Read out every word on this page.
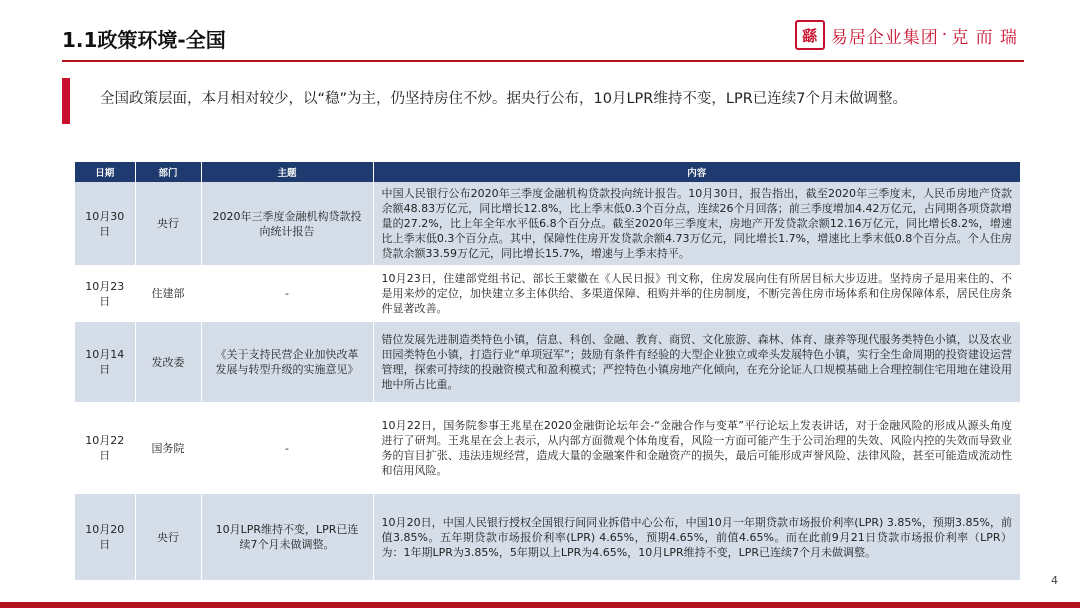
1.1政策环境-全国	繇 易居企业集团 · 克 而 瑞
全国政策层面，本月相对较少，以“稳”为主，仍坚持房住不炒。据央行公布，10月LPR维持不变，LPR已连续7个月未做调整。
日期	部门	主题	内容
10月30日	央行	2020年三季度金融机构贷款投向统计报告	中国人民银行公布2020年三季度金融机构贷款投向统计报告。10月30日，报告指出，截至2020年三季度末，人民币房地产贷款余额48.83万亿元，同比增长12.8%，比上季末低0.3个百分点，连续26个月回落；前三季度增加4.42万亿元，占同期各项贷款增量的27.2%，比上年全年水平低6.8个百分点。截至2020年三季度末，房地产开发贷款余额12.16万亿元，同比增长8.2%，增速比上季末低0.3个百分点。其中，保障性住房开发贷款余额4.73万亿元，同比增长1.7%，增速比上季末低0.8个百分点。个人住房贷款余额33.59万亿元，同比增长15.7%，增速与上季末持平。
10月23日	住建部	-	10月23日，住建部党组书记、部长王蒙徽在《人民日报》刊文称，住房发展向住有所居目标大步迈进。坚持房子是用来住的、不是用来炒的定位，加快建立多主体供给、多渠道保障、租购并举的住房制度，不断完善住房市场体系和住房保障体系，居民住房条件显著改善。
10月14日	发改委	《关于支持民营企业加快改革发展与转型升级的实施意见》	错位发展先进制造类特色小镇，信息、科创、金融、教育、商贸、文化旅游、森林、体育、康养等现代服务类特色小镇，以及农业田园类特色小镇，打造行业“单项冠军”；鼓励有条件有经验的大型企业独立或牵头发展特色小镇，实行全生命周期的投资建设运营管理，探索可持续的投融资模式和盈利模式；严控特色小镇房地产化倾向，在充分论证人口规模基础上合理控制住宅用地在建设用地中所占比重。
10月22日	国务院	-	10月22日，国务院参事王兆星在2020金融街论坛年会-“金融合作与变革”平行论坛上发表讲话，对于金融风险的形成从源头角度进行了研判。王兆星在会上表示，从内部方面微观个体角度看，风险一方面可能产生于公司治理的失效、风险内控的失效而导致业务的盲目扩张、违法违规经营，造成大量的金融案件和金融资产的损失，最后可能形成声誉风险、法律风险，甚至可能造成流动性和信用风险。
10月20日	央行	10月LPR维持不变，LPR已连续7个月未做调整。	10月20日，中国人民银行授权全国银行间同业拆借中心公布，中国10月一年期贷款市场报价利率(LPR) 3.85%，预期3.85%，前值3.85%。五年期贷款市场报价利率(LPR) 4.65%，预期4.65%，前值4.65%。而在此前9月21日贷款市场报价利率（LPR）为：1年期LPR为3.85%，5年期以上LPR为4.65%，10月LPR维持不变，LPR已连续7个月未做调整。
4
